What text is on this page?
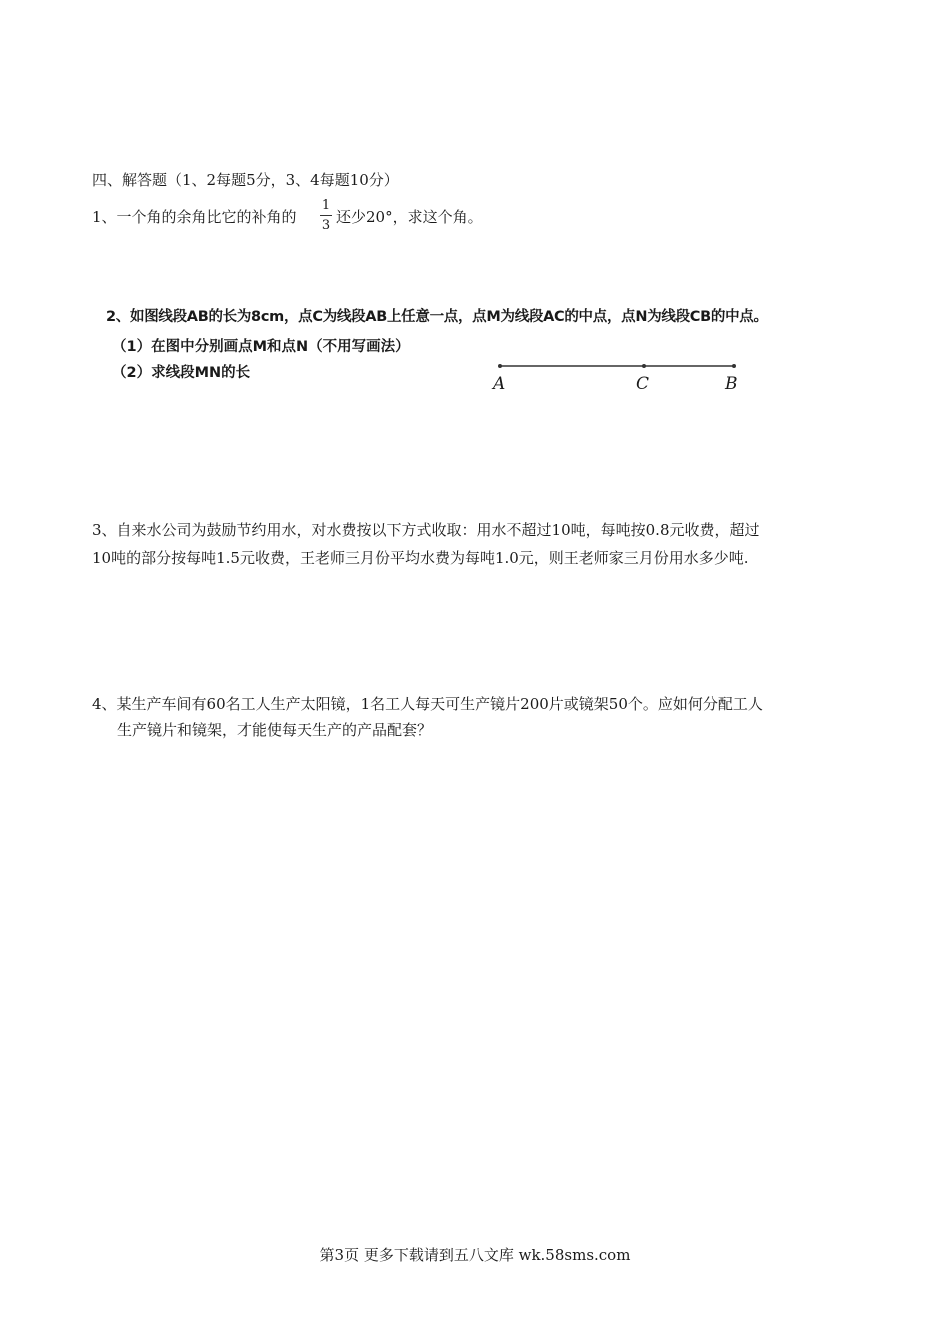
四、解答题（1、2每题5分，3、4每题10分）
1、一个角的余角比它的补角的
1
3 还少20°，求这个角。
2、如图线段AB的长为8cm，点C为线段AB上任意一点，点M为线段AC的中点，点N为线段CB的中点。
（1）在图中分别画点M和点N（不用写画法）
（2）求线段MN的长
A	C	B
3、自来水公司为鼓励节约用水，对水费按以下方式收取：用水不超过10吨，每吨按0.8元收费，超过
10吨的部分按每吨1.5元收费，王老师三月份平均水费为每吨1.0元，则王老师家三月份用水多少吨.
4、某生产车间有60名工人生产太阳镜，1名工人每天可生产镜片200片或镜架50个。应如何分配工人
生产镜片和镜架，才能使每天生产的产品配套？
第3页 更多下载请到五八文库 wk.58sms.com
